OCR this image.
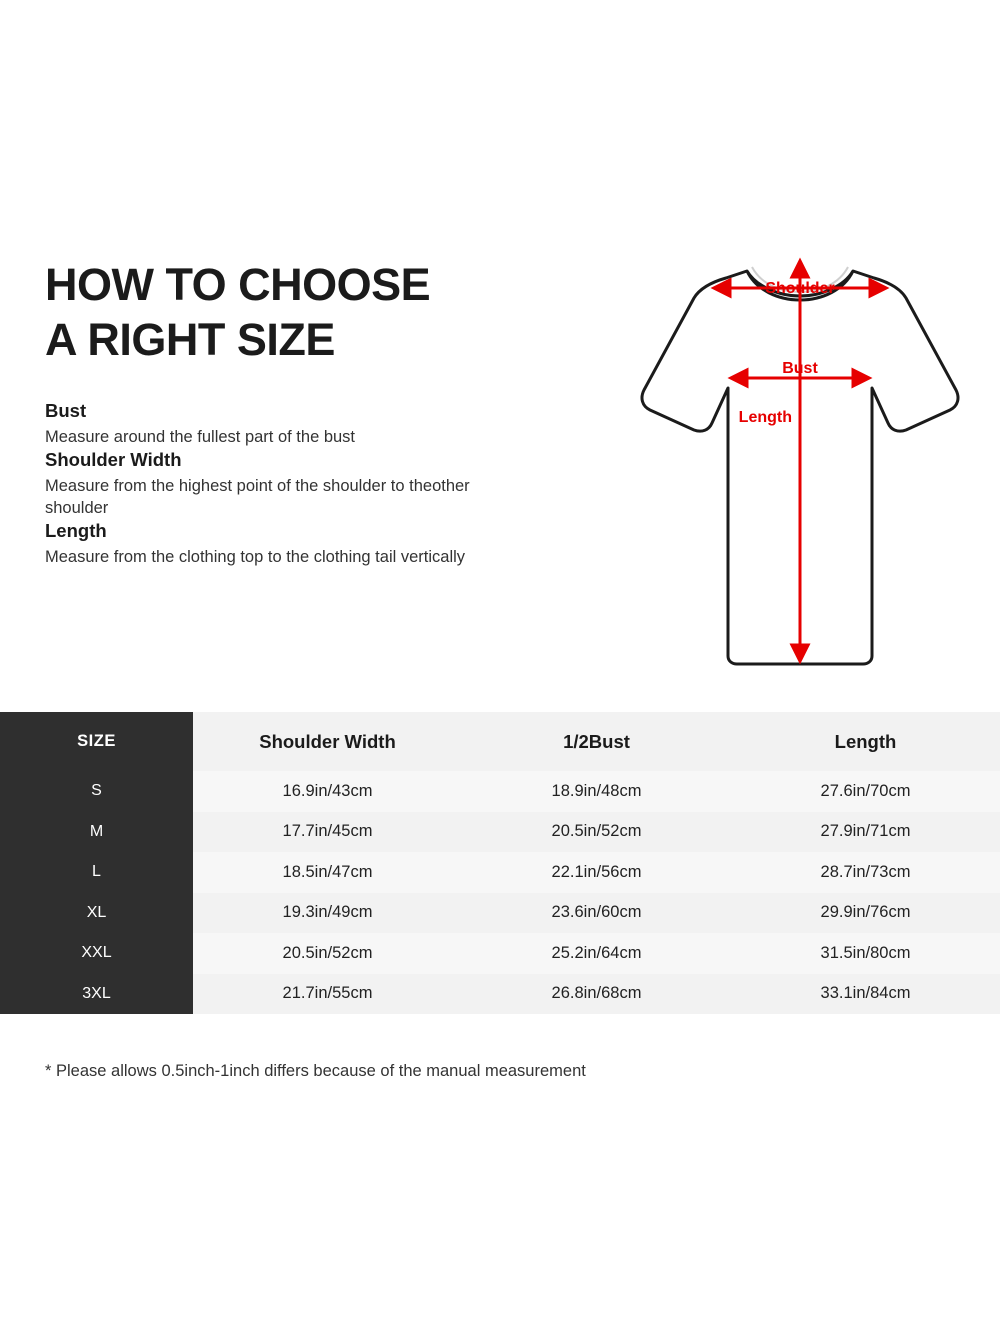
HOW TO CHOOSE
A RIGHT SIZE
Bust
Measure around the fullest part of the bust
Shoulder Width
Measure from the highest point of the shoulder to theother shoulder
Length
Measure from the clothing top to the clothing tail vertically
Shoulder
Bust
Length
SIZE	Shoulder Width	1/2Bust	Length
S	16.9in/43cm	18.9in/48cm	27.6in/70cm
M	17.7in/45cm	20.5in/52cm	27.9in/71cm
L	18.5in/47cm	22.1in/56cm	28.7in/73cm
XL	19.3in/49cm	23.6in/60cm	29.9in/76cm
XXL	20.5in/52cm	25.2in/64cm	31.5in/80cm
3XL	21.7in/55cm	26.8in/68cm	33.1in/84cm
* Please allows 0.5inch-1inch differs because of the manual measurement
